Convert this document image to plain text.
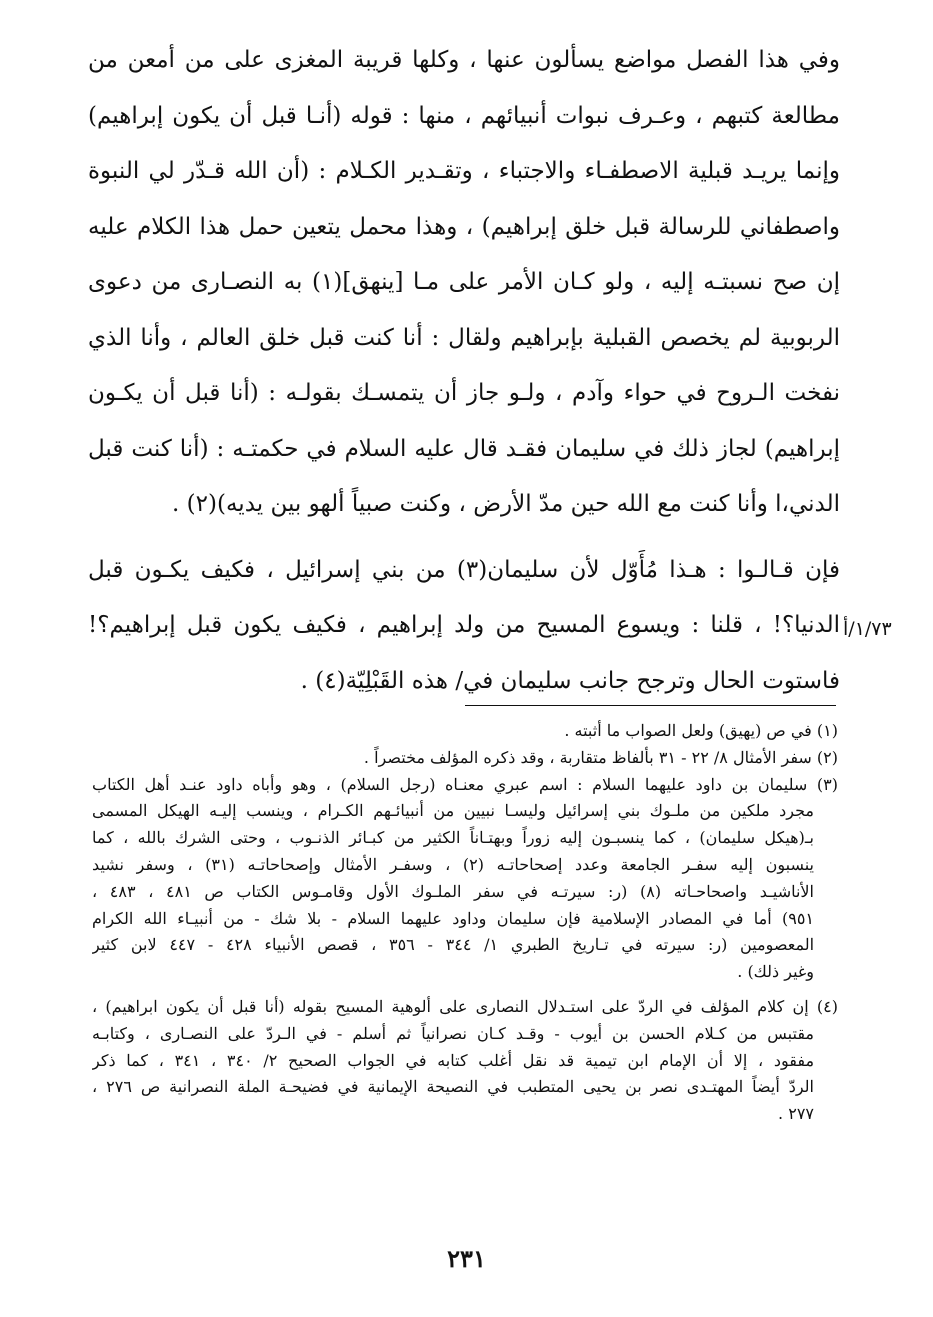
وفي هذا الفصل مواضع يسألون عنها ، وكلها قريبة المغزى على من أمعن من
مطالعة كتبهم ، وعـرف نبوات أنبيائهم ، منها : قوله (أنـا قبل أن يكون إبراهيم)
وإنما يريـد قبلية الاصطفـاء والاجتباء ، وتقـدير الكـلام : (أن الله قـدّر لي النبوة
واصطفاني للرسالة قبل خلق إبراهيم) ، وهذا محمل يتعين حمل هذا الكلام عليه
إن صح نسبتـه إليه ، ولو كـان الأمر على مـا [ينهق](١) به النصـارى من دعوى
الربوبية لم يخصص القبلية بإبراهيم ولقال : أنا كنت قبل خلق العالم ، وأنا الذي
نفخت الـروح في حواء وآدم ، ولـو جاز أن يتمسـك بقولـه : (أنا قبل أن يكـون
إبراهيم) لجاز ذلك في سليمان فقـد قال عليه السلام في حكمتـه : (أنا كنت قبل
الدني،ا وأنا كنت مع الله حين مدّ الأرض ، وكنت صبياً ألهو بين يديه)(٢) .
فإن قـالـوا : هـذا مُأَوّل لأن سليمان(٣) من بني إسرائيل ، فكيف يكـون قبل
الدنيا؟! ، قلنا : ويسوع المسيح من ولد إبراهيم ، فكيف يكون قبل إبراهيم؟!
فاستوت الحال وترجح جانب سليمان في/ هذه القَبْلِيّة(٤) .
١/٧٣/أ
(١) في ص (يهيق) ولعل الصواب ما أثبته .
(٢) سفر الأمثال ٨/ ٢٢ - ٣١ بألفاظ متقاربة ، وقد ذكره المؤلف مختصراً .
(٣) سليمان بن داود عليهما السلام : اسم عبري معنـاه (رجل السلام) ، وهو وأباه داود عنـد أهل الكتاب
مجرد ملكين من ملـوك بني إسرائيل وليسـا نبيين من أنبيائـهم الكـرام ، وينسب إليـه الهيكل المسمى
بـ(هيكل سليمان) ، كما ينسبـون إليه زوراً وبهتـاناً الكثير من كبـائر الذنـوب ، وحتى الشرك بالله ، كما
ينسبون إليه سفـر الجامعة وعدد إصحاحاتـه (٢) ، وسفـر الأمثال وإصحاحاتـه (٣١) ، وسفر نشيد
الأناشيـد واصحاحـاته (٨) (ر: سيرتـه في سفر الملـوك الأول وقامـوس الكتاب ص ٤٨١ ، ٤٨٣ ،
٩٥١) أما في المصادر الإسلامية فإن سليمان وداود عليهما السلام - بلا شك - من أنبيـاء الله الكرام
المعصومين (ر: سيرته في تـاريخ الطبري ١/ ٣٤٤ - ٣٥٦ ، قصص الأنبياء ٤٢٨ - ٤٤٧ لابن كثير
وغير ذلك) .
(٤) إن كلام المؤلف في الردّ على استـدلال النصارى على ألوهية المسيح بقوله (أنا قبل أن يكون ابراهيم) ،
مقتبس من كـلام الحسن بن أيوب - وقـد كـان نصرانياً ثم أسلم - في الـردّ على النصـارى ، وكتابـه
مفقود ، إلا أن الإمام ابن تيمية قد نقل أغلب كتابه في الجواب الصحيح ٢/ ٣٤٠ ، ٣٤١ ، كما ذكر
الردّ أيضاً المهتـدى نصر بن يحيى المتطبب في النصيحة الإيمانية في فضيحـة الملة النصرانية ص ٢٧٦ ،
٢٧٧ .
٢٣١
